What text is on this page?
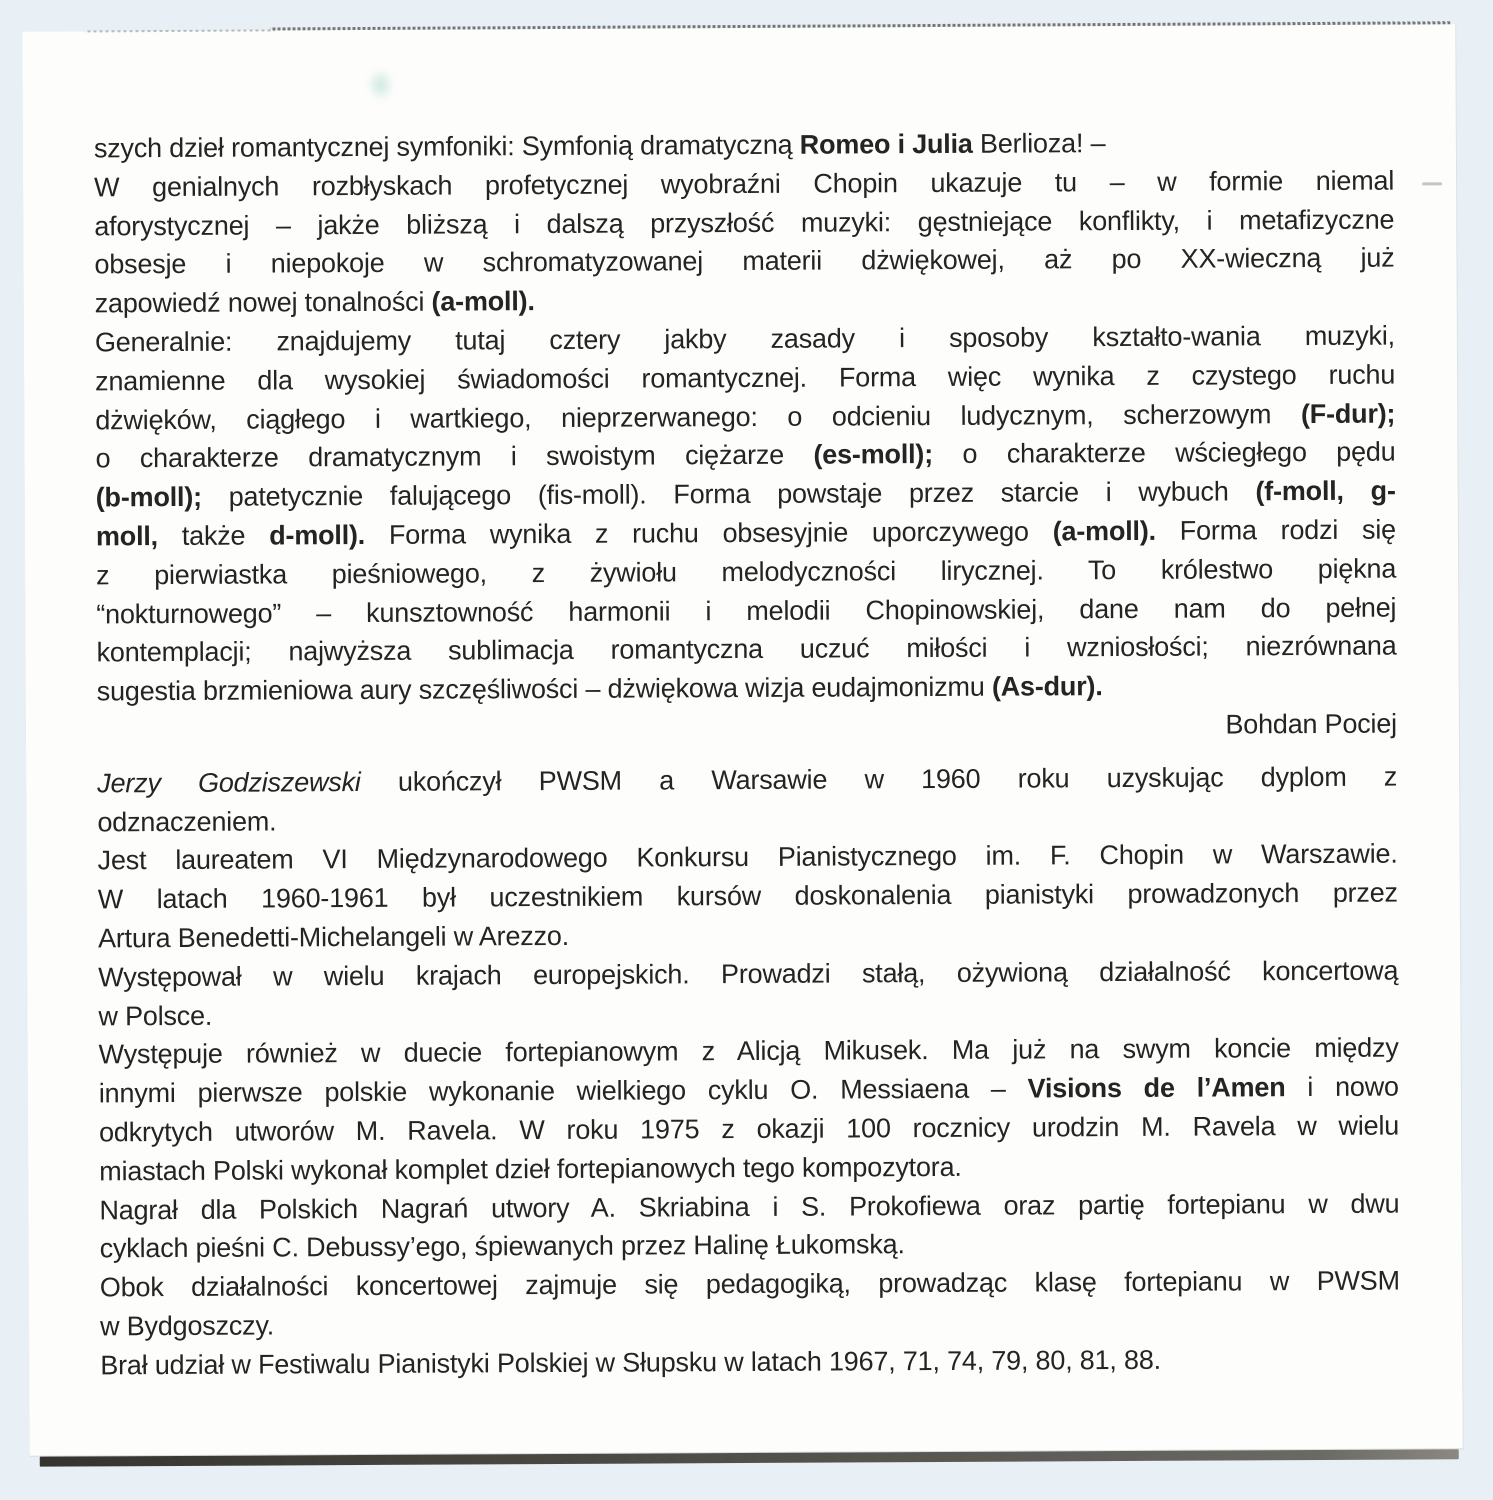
szych dzieł romantycznej symfoniki: Symfonią dramatyczną Romeo i Julia Berlioza! –
W genialnych rozbłyskach profetycznej wyobraźni Chopin ukazuje tu – w formie niemal
aforystycznej – jakże bliższą i dalszą przyszłość muzyki: gęstniejące konflikty, i metafizyczne
obsesje i niepokoje w schromatyzowanej materii dżwiękowej, aż po XX-wieczną już
zapowiedź nowej tonalności (a-moll).
Generalnie: znajdujemy tutaj cztery jakby zasady i sposoby kształto-wania muzyki,
znamienne dla wysokiej świadomości romantycznej. Forma więc wynika z czystego ruchu
dżwięków, ciągłego i wartkiego, nieprzerwanego: o odcieniu ludycznym, scherzowym (F-dur);
o charakterze dramatycznym i swoistym ciężarze (es-moll); o charakterze wściegłego pędu
(b-moll); patetycznie falującego (fis-moll). Forma powstaje przez starcie i wybuch (f-moll, g-
moll, także d-moll). Forma wynika z ruchu obsesyjnie uporczywego (a-moll). Forma rodzi się
z pierwiastka pieśniowego, z żywiołu melodyczności lirycznej. To królestwo piękna
“nokturnowego” – kunsztowność harmonii i melodii Chopinowskiej, dane nam do pełnej
kontemplacji; najwyższa sublimacja romantyczna uczuć miłości i wzniosłości; niezrównana
sugestia brzmieniowa aury szczęśliwości – dżwiękowa wizja eudajmonizmu (As-dur).
Bohdan Pociej
Jerzy Godziszewski ukończył PWSM a Warsawie w 1960 roku uzyskując dyplom z
odznaczeniem.
Jest laureatem VI Międzynarodowego Konkursu Pianistycznego im. F. Chopin w Warszawie.
W latach 1960-1961 był uczestnikiem kursów doskonalenia pianistyki prowadzonych przez
Artura Benedetti-Michelangeli w Arezzo.
Występował w wielu krajach europejskich. Prowadzi stałą, ożywioną działalność koncertową
w Polsce.
Występuje również w duecie fortepianowym z Alicją Mikusek. Ma już na swym koncie między
innymi pierwsze polskie wykonanie wielkiego cyklu O. Messiaena – Visions de l’Amen i nowo
odkrytych utworów M. Ravela. W roku 1975 z okazji 100 rocznicy urodzin M. Ravela w wielu
miastach Polski wykonał komplet dzieł fortepianowych tego kompozytora.
Nagrał dla Polskich Nagrań utwory A. Skriabina i S. Prokofiewa oraz partię fortepianu w dwu
cyklach pieśni C. Debussy’ego, śpiewanych przez Halinę Łukomską.
Obok działalności koncertowej zajmuje się pedagogiką, prowadząc klasę fortepianu w PWSM
w Bydgoszczy.
Brał udział w Festiwalu Pianistyki Polskiej w Słupsku w latach 1967, 71, 74, 79, 80, 81, 88.
